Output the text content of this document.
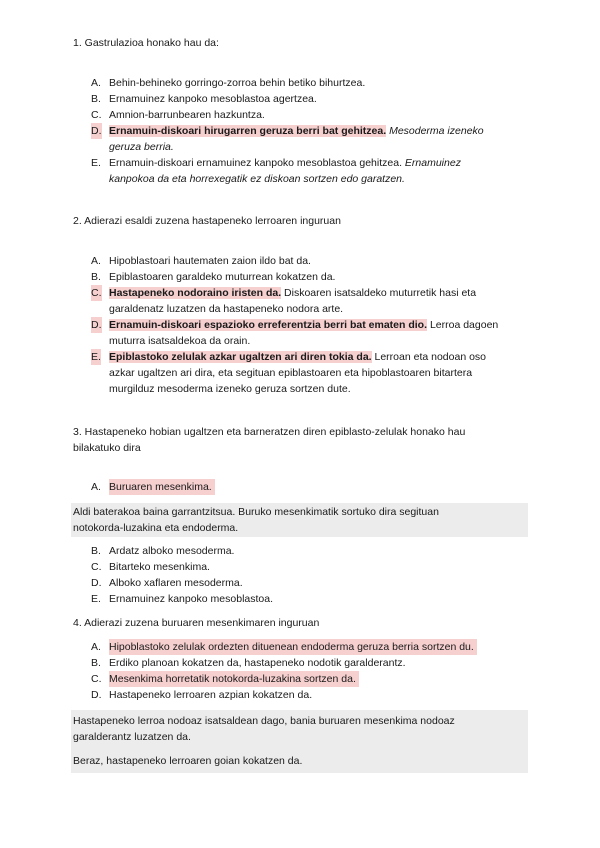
1. Gastrulazioa honako hau da:

A. Behin-behineko gorringo-zorroa behin betiko bihurtzea.
B. Ernamuinez kanpoko mesoblastoa agertzea.
C. Amnion-barrunbearen hazkuntza.
D. Ernamuin-diskoari hirugarren geruza berri bat gehitzea. Mesoderma izeneko
geruza berria.
E. Ernamuin-diskoari ernamuinez kanpoko mesoblastoa gehitzea. Ernamuinez
kanpokoa da eta horrexegatik ez diskoan sortzen edo garatzen.

2. Adierazi esaldi zuzena hastapeneko lerroaren inguruan

A. Hipoblastoari hautematen zaion ildo bat da.
B. Epiblastoaren garaldeko muturrean kokatzen da.
C. Hastapeneko nodoraino iristen da. Diskoaren isatsaldeko muturretik hasi eta
garaldenatz luzatzen da hastapeneko nodora arte.
D. Ernamuin-diskoari espazioko erreferentzia berri bat ematen dio. Lerroa dagoen
muturra isatsaldekoa da orain.
E. Epiblastoko zelulak azkar ugaltzen ari diren tokia da. Lerroan eta nodoan oso
azkar ugaltzen ari dira, eta segituan epiblastoaren eta hipoblastoaren bitartera
murgilduz mesoderma izeneko geruza sortzen dute.

3. Hastapeneko hobian ugaltzen eta barneratzen diren epiblasto-zelulak honako hau
bilakatuko dira

A. Buruaren mesenkima.

Aldi baterakoa baina garrantzitsua. Buruko mesenkimatik sortuko dira segituan
notokorda-luzakina eta endoderma.

B. Ardatz alboko mesoderma.
C. Bitarteko mesenkima.
D. Alboko xaflaren mesoderma.
E. Ernamuinez kanpoko mesoblastoa.

4. Adierazi zuzena buruaren mesenkimaren inguruan

A. Hipoblastoko zelulak ordezten dituenean endoderma geruza berria sortzen du.
B. Erdiko planoan kokatzen da, hastapeneko nodotik garalderantz.
C. Mesenkima horretatik notokorda-luzakina sortzen da.
D. Hastapeneko lerroaren azpian kokatzen da.
Hastapeneko lerroa nodoaz isatsaldean dago, bania buruaren mesenkima nodoaz
garalderantz luzatzen da.
Beraz, hastapeneko lerroaren goian kokatzen da.
